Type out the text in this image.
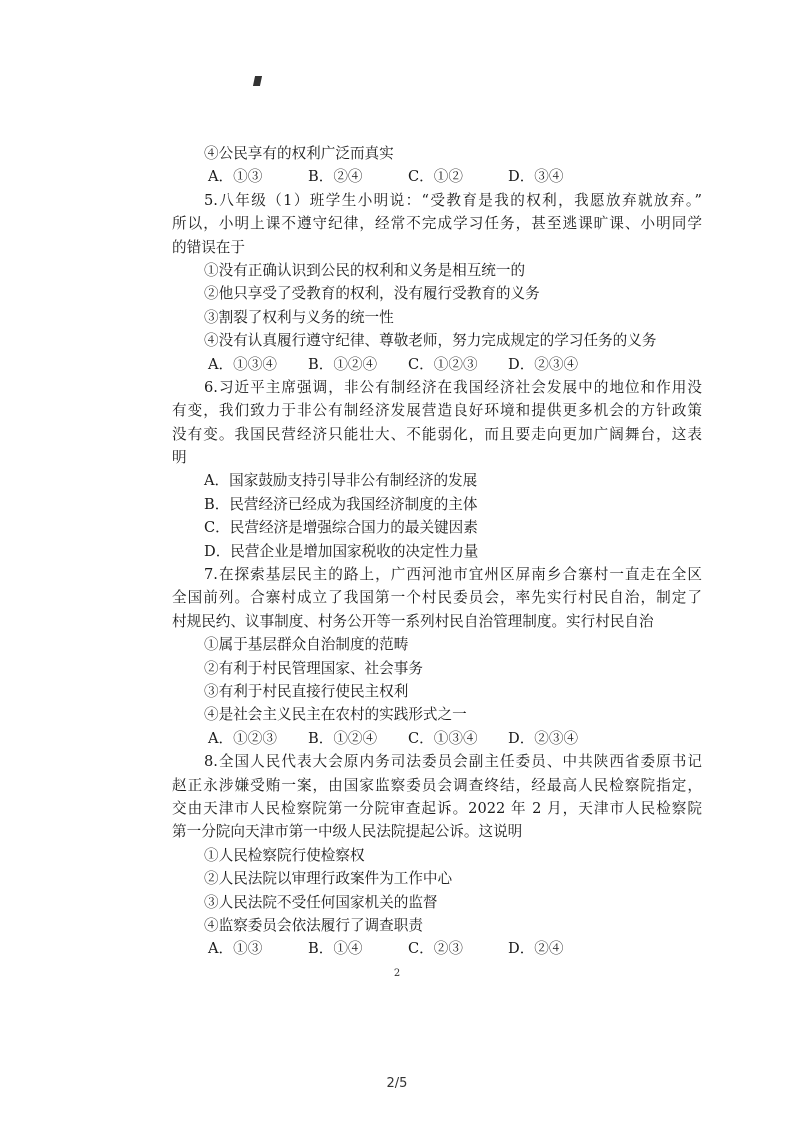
④公民享有的权利广泛而真实
A．①③	B．②④	C．①②	D．③④
5.八年级（1）班学生小明说：“受教育是我的权利，我愿放弃就放弃。”
所以，小明上课不遵守纪律，经常不完成学习任务，甚至逃课旷课、小明同学
的错误在于
①没有正确认识到公民的权利和义务是相互统一的
②他只享受了受教育的权利，没有履行受教育的义务
③割裂了权利与义务的统一性
④没有认真履行遵守纪律、尊敬老师，努力完成规定的学习任务的义务
A．①③④	B．①②④	C．①②③	D．②③④
6.习近平主席强调，非公有制经济在我国经济社会发展中的地位和作用没
有变，我们致力于非公有制经济发展营造良好环境和提供更多机会的方针政策
没有变。我国民营经济只能壮大、不能弱化，而且要走向更加广阔舞台，这表
明
A．国家鼓励支持引导非公有制经济的发展
B．民营经济已经成为我国经济制度的主体
C．民营经济是增强综合国力的最关键因素
D．民营企业是增加国家税收的决定性力量
7.在探索基层民主的路上，广西河池市宜州区屏南乡合寨村一直走在全区
全国前列。合寨村成立了我国第一个村民委员会，率先实行村民自治，制定了
村规民约、议事制度、村务公开等一系列村民自治管理制度。实行村民自治
①属于基层群众自治制度的范畴
②有利于村民管理国家、社会事务
③有利于村民直接行使民主权利
④是社会主义民主在农村的实践形式之一
A．①②③	B．①②④	C．①③④	D．②③④
8.全国人民代表大会原内务司法委员会副主任委员、中共陕西省委原书记
赵正永涉嫌受贿一案，由国家监察委员会调查终结，经最高人民检察院指定，
交由天津市人民检察院第一分院审查起诉。2022 年 2 月，天津市人民检察院
第一分院向天津市第一中级人民法院提起公诉。这说明
①人民检察院行使检察权
②人民法院以审理行政案件为工作中心
③人民法院不受任何国家机关的监督
④监察委员会依法履行了调查职责
A．①③	B．①④	C．②③	D．②④
2
2/5
